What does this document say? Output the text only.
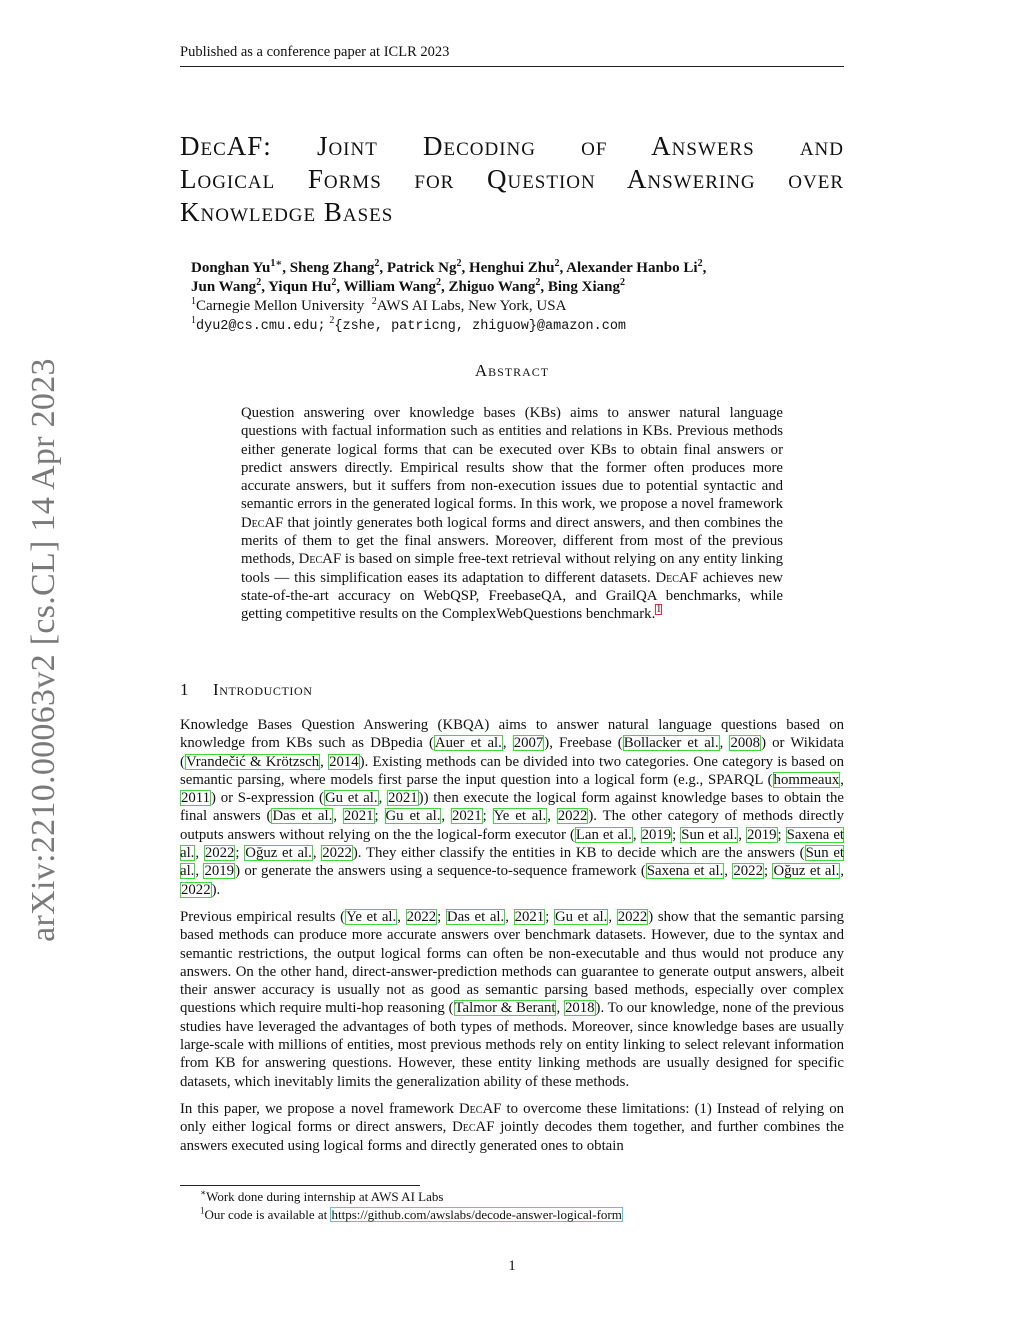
Published as a conference paper at ICLR 2023
arXiv:2210.00063v2 [cs.CL] 14 Apr 2023
DecAF: Joint Decoding of Answers and
Logical Forms for Question Answering over
Knowledge Bases
Donghan $Yu^{1∗}$, Sheng Zhang$^2$, Patrick Ng$^2$, Henghui Zhu$^2$, Alexander Hanbo Li$^2$,
Jun Wang$^2$, Yiqun Hu$^2$, William Wang$^2$, Zhiguo Wang$^2$, Bing Xiang$^2$
$^1$Carnegie Mellon University $^2$AWS AI Labs, New York, USA
$^1$dyu2@cs.cmu.edu; $^2${zshe, patricng, zhiguow}@amazon.com
Abstract

Question answering over knowledge bases (KBs) aims to answer natural language questions with factual information such as entities and relations in KBs. Previous methods either generate logical forms that can be executed over KBs to obtain final answers or predict answers directly. Empirical results show that the former often produces more accurate answers, but it suffers from non-execution issues due to potential syntactic and semantic errors in the generated logical forms. In this work, we propose a novel framework DecAF that jointly generates both logical forms and direct answers, and then combines the merits of them to get the final answers. Moreover, different from most of the previous methods, DecAF is based on simple free-text retrieval without relying on any entity linking tools — this simplification eases its adaptation to different datasets. DecAF achieves new state-of-the-art accuracy on WebQSP, FreebaseQA, and GrailQA benchmarks, while getting competitive results on the ComplexWebQuestions benchmark.$^1$

1 Introduction

Knowledge Bases Question Answering (KBQA) aims to answer natural language questions based on knowledge from KBs such as DBpedia (Auer et al., 2007), Freebase (Bollacker et al., 2008) or Wikidata (Vrandečić & Krötzsch, 2014). Existing methods can be divided into two categories. One category is based on semantic parsing, where models first parse the input question into a logical form (e.g., SPARQL (hommeaux, 2011) or S-expression (Gu et al., 2021)) then execute the logical form against knowledge bases to obtain the final answers (Das et al., 2021; Gu et al., 2021; Ye et al., 2022). The other category of methods directly outputs answers without relying on the the logical-form executor (Lan et al., 2019; Sun et al., 2019; Saxena et al., 2022; Oğuz et al., 2022). They either classify the entities in KB to decide which are the answers (Sun et al., 2019) or generate the answers using a sequence-to-sequence framework (Saxena et al., 2022; Oğuz et al., 2022).

Previous empirical results (Ye et al., 2022; Das et al., 2021; Gu et al., 2022) show that the semantic parsing based methods can produce more accurate answers over benchmark datasets. However, due to the syntax and semantic restrictions, the output logical forms can often be non-executable and thus would not produce any answers. On the other hand, direct-answer-prediction methods can guarantee to generate output answers, albeit their answer accuracy is usually not as good as semantic parsing based methods, especially over complex questions which require multi-hop reasoning (Talmor & Berant, 2018). To our knowledge, none of the previous studies have leveraged the advantages of both types of methods. Moreover, since knowledge bases are usually large-scale with millions of entities, most previous methods rely on entity linking to select relevant information from KB for answering questions. However, these entity linking methods are usually designed for specific datasets, which inevitably limits the generalization ability of these methods.

In this paper, we propose a novel framework DecAF to overcome these limitations: (1) Instead of relying on only either logical forms or direct answers, DecAF jointly decodes them together, and further combines the answers executed using logical forms and directly generated ones to obtain

∗Work done during internship at AWS AI Labs
$^1$Our code is available at https://github.com/awslabs/decode-answer-logical-form
1
